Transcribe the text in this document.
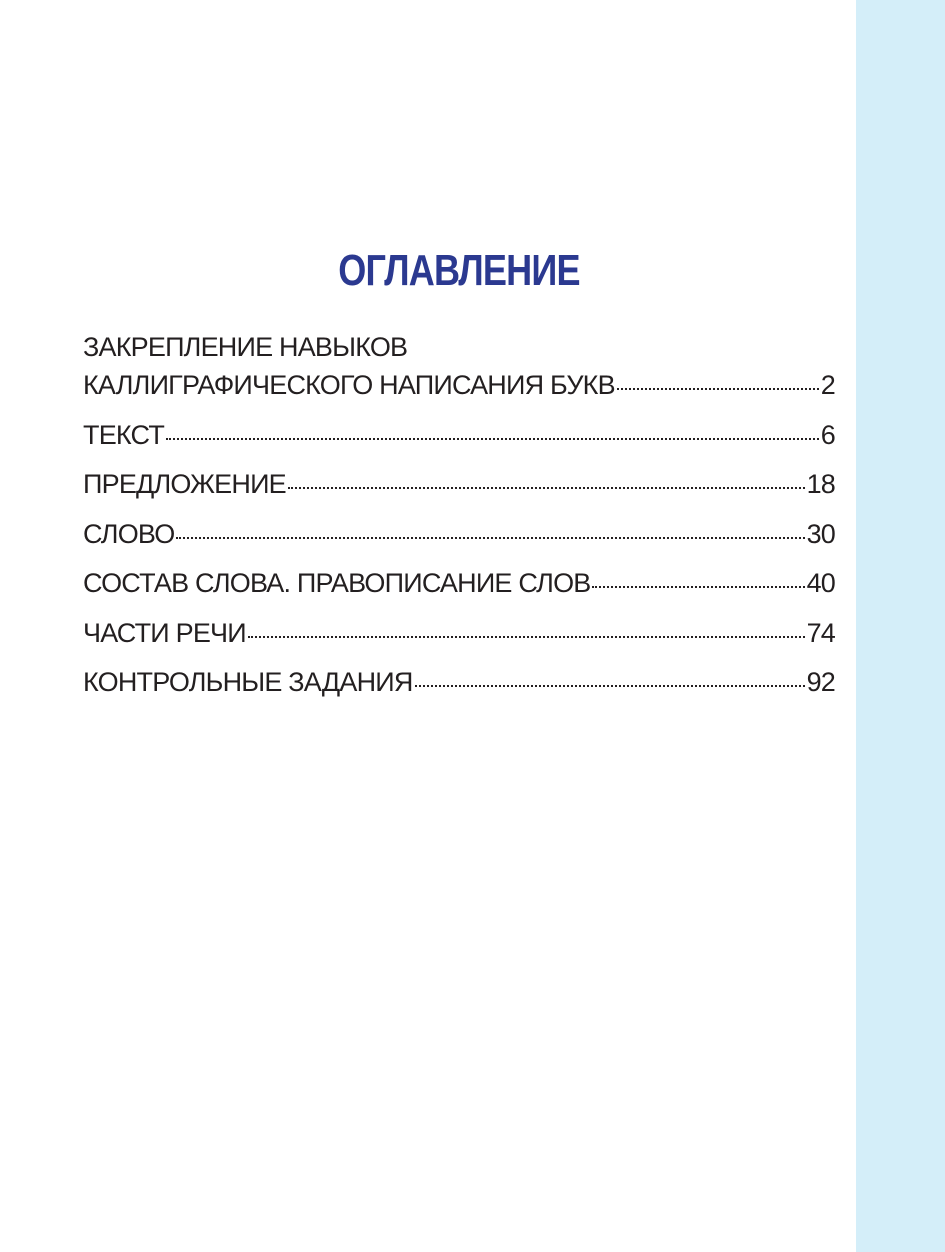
ОГЛАВЛЕНИЕ
ЗАКРЕПЛЕНИЕ НАВЫКОВ
КАЛЛИГРАФИЧЕСКОГО НАПИСАНИЯ БУКВ	2
ТЕКСТ	6
ПРЕДЛОЖЕНИЕ	18
СЛОВО	30
СОСТАВ СЛОВА. ПРАВОПИСАНИЕ СЛОВ	40
ЧАСТИ РЕЧИ	74
КОНТРОЛЬНЫЕ ЗАДАНИЯ	92
